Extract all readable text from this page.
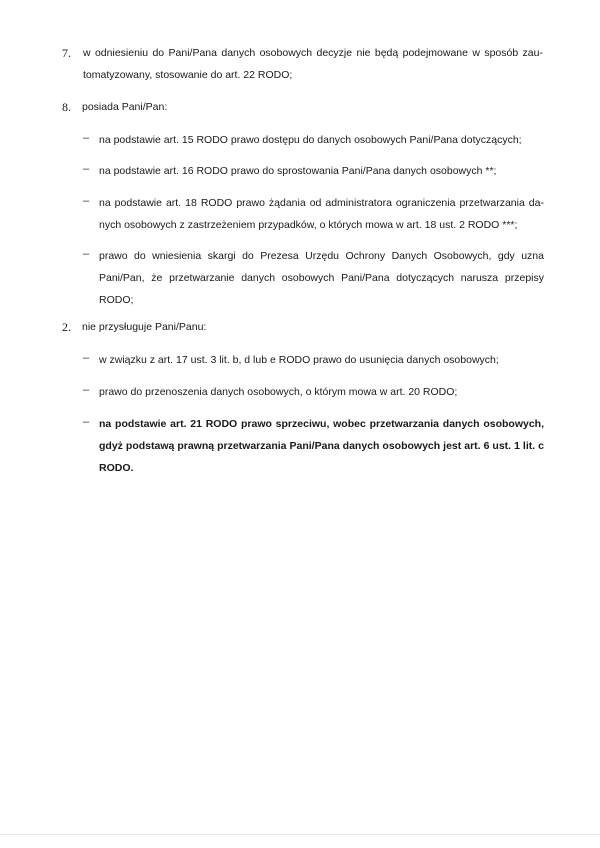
7. w odniesieniu do Pani/Pana danych osobowych decyzje nie będą podejmowane w sposób zau-

tomatyzowany, stosowanie do art. 22 RODO;

8. posiada Pani/Pan:

– na podstawie art. 15 RODO prawo dostępu do danych osobowych Pani/Pana dotyczących;

– na podstawie art. 16 RODO prawo do sprostowania Pani/Pana danych osobowych **;

– na podstawie art. 18 RODO prawo żądania od administratora ograniczenia przetwarzania da-

nych osobowych z zastrzeżeniem przypadków, o których mowa w art. 18 ust. 2 RODO ***;

– prawo do wniesienia skargi do Prezesa Urzędu Ochrony Danych Osobowych, gdy uzna

Pani/Pan, że przetwarzanie danych osobowych Pani/Pana dotyczących narusza przepisy

RODO;

2. nie przysługuje Pani/Panu:

– w związku z art. 17 ust. 3 lit. b, d lub e RODO prawo do usunięcia danych osobowych;

– prawo do przenoszenia danych osobowych, o którym mowa w art. 20 RODO;

– na podstawie art. 21 RODO prawo sprzeciwu, wobec przetwarzania danych osobowych,

gdyż podstawą prawną przetwarzania Pani/Pana danych osobowych jest art. 6 ust. 1 lit. c

RODO.
